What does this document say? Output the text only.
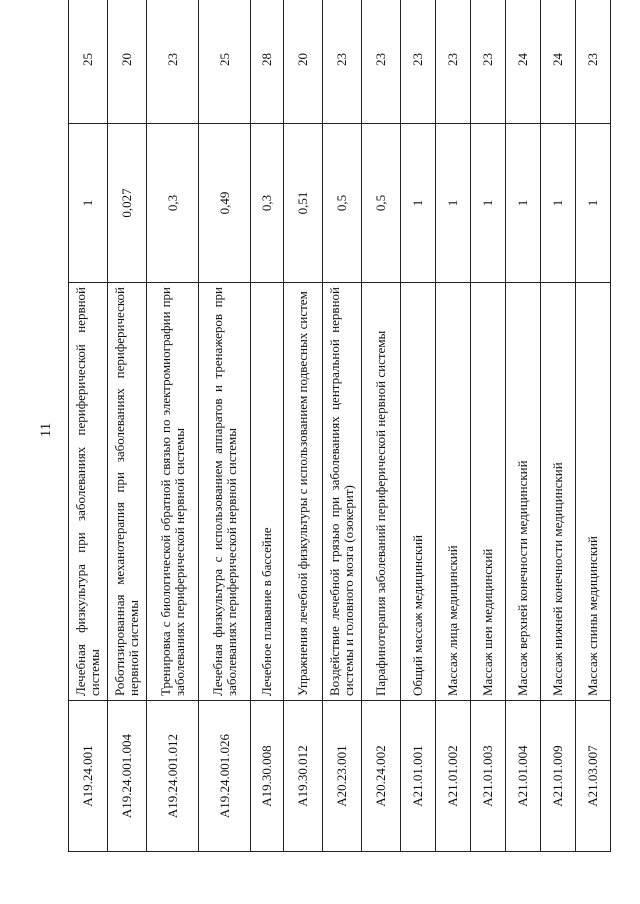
11
A19.24.001	Лечебная физкультура при заболеваниях периферической нервной системы	1	25
A19.24.001.004	Роботизированная механотерапия при заболеваниях периферической нервной системы	0,027	20
A19.24.001.012	Тренировка с биологической обратной связью по электромиографии при заболеваниях периферической нервной системы	0,3	23
A19.24.001.026	Лечебная физкультура с использованием аппаратов и тренажеров при заболеваниях периферической нервной системы	0,49	25
A19.30.008	Лечебное плавание в бассейне	0,3	28
A19.30.012	Упражнения лечебной физкультуры с использованием подвесных систем	0,51	20
A20.23.001	Воздействие лечебной грязью при заболеваниях центральной нервной системы и головного мозга (озокерит)	0,5	23
A20.24.002	Парафинотерапия заболеваний периферической нервной системы	0,5	23
A21.01.001	Общий массаж медицинский	1	23
A21.01.002	Массаж лица медицинский	1	23
A21.01.003	Массаж шеи медицинский	1	23
A21.01.004	Массаж верхней конечности медицинский	1	24
A21.01.009	Массаж нижней конечности медицинский	1	24
A21.03.007	Массаж спины медицинский	1	23
